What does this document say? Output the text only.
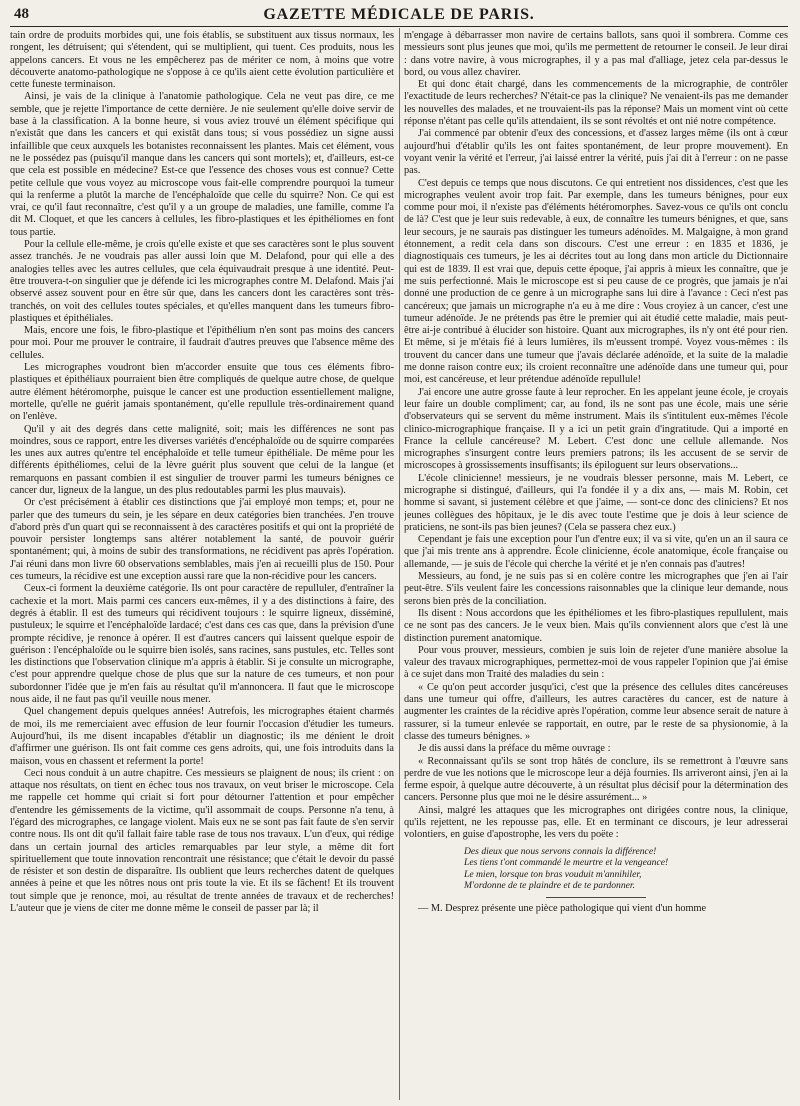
48	GAZETTE MÉDICALE DE PARIS.

tain ordre de produits morbides qui, une fois établis, se substituent aux tissus normaux, les rongent, les détruisent; qui s'étendent, qui se multiplient, qui tuent. Ces produits, nous les appelons cancers. Et vous ne les empêcherez pas de mériter ce nom, à moins que votre découverte anatomo-pathologique ne s'oppose à ce qu'ils aient cette évolution particulière et cette funeste terminaison.

Ainsi, je vais de la clinique à l'anatomie pathologique. Cela ne veut pas dire, ce me semble, que je rejette l'importance de cette dernière. Je nie seulement qu'elle doive servir de base à la classification. A la bonne heure, si vous aviez trouvé un élément spécifique qui n'existât que dans les cancers et qui existât dans tous; si vous possédiez un signe aussi infaillible que ceux auxquels les botanistes reconnaissent les plantes. Mais cet élément, vous ne le possédez pas (puisqu'il manque dans les cancers qui sont mortels); et, d'ailleurs, est-ce que cela est possible en médecine? Est-ce que l'essence des choses vous est connue? Cette petite cellule que vous voyez au microscope vous fait-elle comprendre pourquoi la tumeur qui la renferme a plutôt la marche de l'encéphaloïde que celle du squirre? Non. Ce qui est vrai, ce qu'il faut reconnaître, c'est qu'il y a un groupe de maladies, une famille, comme l'a dit M. Cloquet, et que les cancers à cellules, les fibro-plastiques et les épithéliomes en font tous partie.

Pour la cellule elle-même, je crois qu'elle existe et que ses caractères sont le plus souvent assez tranchés. Je ne voudrais pas aller aussi loin que M. Delafond, pour qui elle a des analogies telles avec les autres cellules, que cela équivaudrait presque à une identité. Peut-être trouvera-t-on singulier que je défende ici les micrographes contre M. Delafond. Mais j'ai observé assez souvent pour en être sûr que, dans les cancers dont les caractères sont très-tranchés, on voit des cellules toutes spéciales, et qu'elles manquent dans les tumeurs fibro-plastiques et épithéliales.

Mais, encore une fois, le fibro-plastique et l'épithélium n'en sont pas moins des cancers pour moi. Pour me prouver le contraire, il faudrait d'autres preuves que l'absence même des cellules.

Les micrographes voudront bien m'accorder ensuite que tous ces éléments fibro-plastiques et épithéliaux pourraient bien être compliqués de quelque autre chose, de quelque autre élément hétéromorphe, puisque le cancer est une production essentiellement maligne, mortelle, qu'elle ne guérit jamais spontanément, qu'elle repullule très-ordinairement quand on l'enlève.

Qu'il y ait des degrés dans cette malignité, soit; mais les différences ne sont pas moindres, sous ce rapport, entre les diverses variétés d'encéphaloïde ou de squirre comparées les unes aux autres qu'entre tel encéphaloïde et telle tumeur épithéliale. De même pour les différents épithéliomes, celui de la lèvre guérit plus souvent que celui de la langue (et remarquons en passant combien il est singulier de trouver parmi les tumeurs bénignes ce cancer dur, ligneux de la langue, un des plus redoutables parmi les plus mauvais).

Or c'est précisément à établir ces distinctions que j'ai employé mon temps; et, pour ne parler que des tumeurs du sein, je les sépare en deux catégories bien tranchées. J'en trouve d'abord près d'un quart qui se reconnaissent à des caractères positifs et qui ont la propriété de pouvoir persister longtemps sans altérer notablement la santé, de pouvoir guérir spontanément; qui, à moins de subir des transformations, ne récidivent pas après l'opération. J'ai réuni dans mon livre 60 observations semblables, mais j'en ai recueilli plus de 150. Pour ces tumeurs, la récidive est une exception aussi rare que la non-récidive pour les cancers.

Ceux-ci forment la deuxième catégorie. Ils ont pour caractère de repulluler, d'entraîner la cachexie et la mort. Mais parmi ces cancers eux-mêmes, il y a des distinctions à faire, des degrés à établir. Il est des tumeurs qui récidivent toujours : le squirre ligneux, disséminé, pustuleux; le squirre et l'encéphaloïde lardacé; c'est dans ces cas que, dans la prévision d'une prompte récidive, je renonce à opérer. Il est d'autres cancers qui laissent quelque espoir de guérison : l'encéphaloïde ou le squirre bien isolés, sans racines, sans pustules, etc. Telles sont les distinctions que l'observation clinique m'a appris à établir. Si je consulte un micrographe, c'est pour apprendre quelque chose de plus que sur la nature de ces tumeurs, et non pour subordonner l'idée que je m'en fais au résultat qu'il m'annoncera. Il faut que le microscope nous aide, il ne faut pas qu'il veuille nous mener.

Quel changement depuis quelques années! Autrefois, les micrographes étaient charmés de moi, ils me remerciaient avec effusion de leur fournir l'occasion d'étudier les tumeurs. Aujourd'hui, ils me disent incapables d'établir un diagnostic; ils me dénient le droit d'affirmer une guérison. Ils ont fait comme ces gens adroits, qui, une fois introduits dans la maison, vous en chassent et referment la porte!

Ceci nous conduit à un autre chapitre. Ces messieurs se plaignent de nous; ils crient : on attaque nos résultats, on tient en échec tous nos travaux, on veut briser le microscope. Cela me rappelle cet homme qui criait si fort pour détourner l'attention et pour empêcher d'entendre les gémissements de la victime, qu'il assommait de coups. Personne n'a tenu, à l'égard des micrographes, ce langage violent. Mais eux ne se sont pas fait faute de s'en servir contre nous. Ils ont dit qu'il fallait faire table rase de tous nos travaux. L'un d'eux, qui rédige dans un certain journal des articles remarquables par leur style, a même dit fort spirituellement que toute innovation rencontrait une résistance; que c'était le devoir du passé de résister et son destin de disparaître. Ils oublient que leurs recherches datent de quelques années à peine et que les nôtres nous ont pris toute la vie. Et ils se fâchent! Et ils trouvent tout simple que je renonce, moi, au résultat de trente années de travaux et de recherches! L'auteur que je viens de citer me donne même le conseil de passer par là; il

m'engage à débarrasser mon navire de certains ballots, sans quoi il sombrera. Comme ces messieurs sont plus jeunes que moi, qu'ils me permettent de retourner le conseil. Je leur dirai : dans votre navire, à vous micrographes, il y a pas mal d'alliage, jetez cela par-dessus le bord, ou vous allez chavirer.

Et qui donc était chargé, dans les commencements de la micrographie, de contrôler l'exactitude de leurs recherches? N'était-ce pas la clinique? Ne venaient-ils pas me demander les nouvelles des malades, et ne trouvaient-ils pas la réponse? Mais un moment vint où cette réponse n'étant pas celle qu'ils attendaient, ils se sont révoltés et ont nié notre compétence.

J'ai commencé par obtenir d'eux des concessions, et d'assez larges même (ils ont à cœur aujourd'hui d'établir qu'ils les ont faites spontanément, de leur propre mouvement). En voyant venir la vérité et l'erreur, j'ai laissé entrer la vérité, puis j'ai dit à l'erreur : on ne passe pas.

C'est depuis ce temps que nous discutons. Ce qui entretient nos dissidences, c'est que les micrographes veulent avoir trop fait. Par exemple, dans les tumeurs bénignes, pour eux comme pour moi, il n'existe pas d'éléments hétéromorphes. Savez-vous ce qu'ils ont conclu de là? C'est que je leur suis redevable, à eux, de connaître les tumeurs bénignes, et que, sans leur secours, je ne saurais pas distinguer les tumeurs adénoïdes. M. Malgaigne, à mon grand étonnement, a redit cela dans son discours. C'est une erreur : en 1835 et 1836, je diagnostiquais ces tumeurs, je les ai décrites tout au long dans mon article du Dictionnaire qui est de 1839. Il est vrai que, depuis cette époque, j'ai appris à mieux les connaître, que je me suis perfectionné. Mais le microscope est si peu cause de ce progrès, que jamais je n'ai donné une production de ce genre à un micrographe sans lui dire à l'avance : Ceci n'est pas cancéreux; que jamais un micrographe n'a eu à me dire : Vous croyiez à un cancer, c'est une tumeur adénoïde. Je ne prétends pas être le premier qui ait étudié cette maladie, mais peut-être ai-je contribué à élucider son histoire. Quant aux micrographes, ils n'y ont été pour rien. Et même, si je m'étais fié à leurs lumières, ils m'eussent trompé. Voyez vous-mêmes : ils trouvent du cancer dans une tumeur que j'avais déclarée adénoïde, et la suite de la maladie me donne raison contre eux; ils croient reconnaître une adénoïde dans une tumeur qui, pour moi, est cancéreuse, et leur prétendue adénoïde repullule!

J'ai encore une autre grosse faute à leur reprocher. En les appelant jeune école, je croyais leur faire un double compliment; car, au fond, ils ne sont pas une école, mais une série d'observateurs qui se servent du même instrument. Mais ils s'intitulent eux-mêmes l'école clinico-micrographique française. Il y a ici un petit grain d'ingratitude. Qui a importé en France la cellule cancéreuse? M. Lebert. C'est donc une cellule allemande. Nos micrographes s'insurgent contre leurs premiers patrons; ils les accusent de se servir de microscopes à grossissements insuffisants; ils épiloguent sur leurs observations...

L'école clinicienne! messieurs, je ne voudrais blesser personne, mais M. Lebert, ce micrographe si distingué, d'ailleurs, qui l'a fondée il y a dix ans, — mais M. Robin, cet homme si savant, si justement célèbre et que j'aime, — sont-ce donc des cliniciens? Et nos jeunes collègues des hôpitaux, je le dis avec toute l'estime que je dois à leur science de praticiens, ne sont-ils pas bien jeunes? (Cela se passera chez eux.)

Cependant je fais une exception pour l'un d'entre eux; il va si vite, qu'en un an il saura ce que j'ai mis trente ans à apprendre. École clinicienne, école anatomique, école française ou allemande, — je suis de l'école qui cherche la vérité et je n'en connais pas d'autres!

Messieurs, au fond, je ne suis pas si en colère contre les micrographes que j'en ai l'air peut-être. S'ils veulent faire les concessions raisonnables que la clinique leur demande, nous serons bien près de la conciliation.

Ils disent : Nous accordons que les épithéliomes et les fibro-plastiques repullulent, mais ce ne sont pas des cancers. Je le veux bien. Mais qu'ils conviennent alors que c'est là une distinction purement anatomique.

Pour vous prouver, messieurs, combien je suis loin de rejeter d'une manière absolue la valeur des travaux micrographiques, permettez-moi de vous rappeler l'opinion que j'ai émise à ce sujet dans mon Traité des maladies du sein :

« Ce qu'on peut accorder jusqu'ici, c'est que la présence des cellules dites cancéreuses dans une tumeur qui offre, d'ailleurs, les autres caractères du cancer, est de nature à augmenter les craintes de la récidive après l'opération, comme leur absence serait de nature à rassurer, si la tumeur enlevée se rapportait, en outre, par le reste de sa physionomie, à la classe des tumeurs bénignes. »

Je dis aussi dans la préface du même ouvrage :

« Reconnaissant qu'ils se sont trop hâtés de conclure, ils se remettront à l'œuvre sans perdre de vue les notions que le microscope leur a déjà fournies. Ils arriveront ainsi, j'en ai la ferme espoir, à quelque autre découverte, à un résultat plus décisif pour la détermination des cancers. Personne plus que moi ne le désire assurément... »

Ainsi, malgré les attaques que les micrographes ont dirigées contre nous, la clinique, qu'ils rejettent, ne les repousse pas, elle. Et en terminant ce discours, je leur adresserai volontiers, en guise d'apostrophe, les vers du poëte :

Des dieux que nous servons connais la différence!
Les tiens t'ont commandé le meurtre et la vengeance!
Le mien, lorsque ton bras vouduit m'annihiler,
M'ordonne de te plaindre et de te pardonner.

— M. Desprez présente une pièce pathologique qui vient d'un homme
